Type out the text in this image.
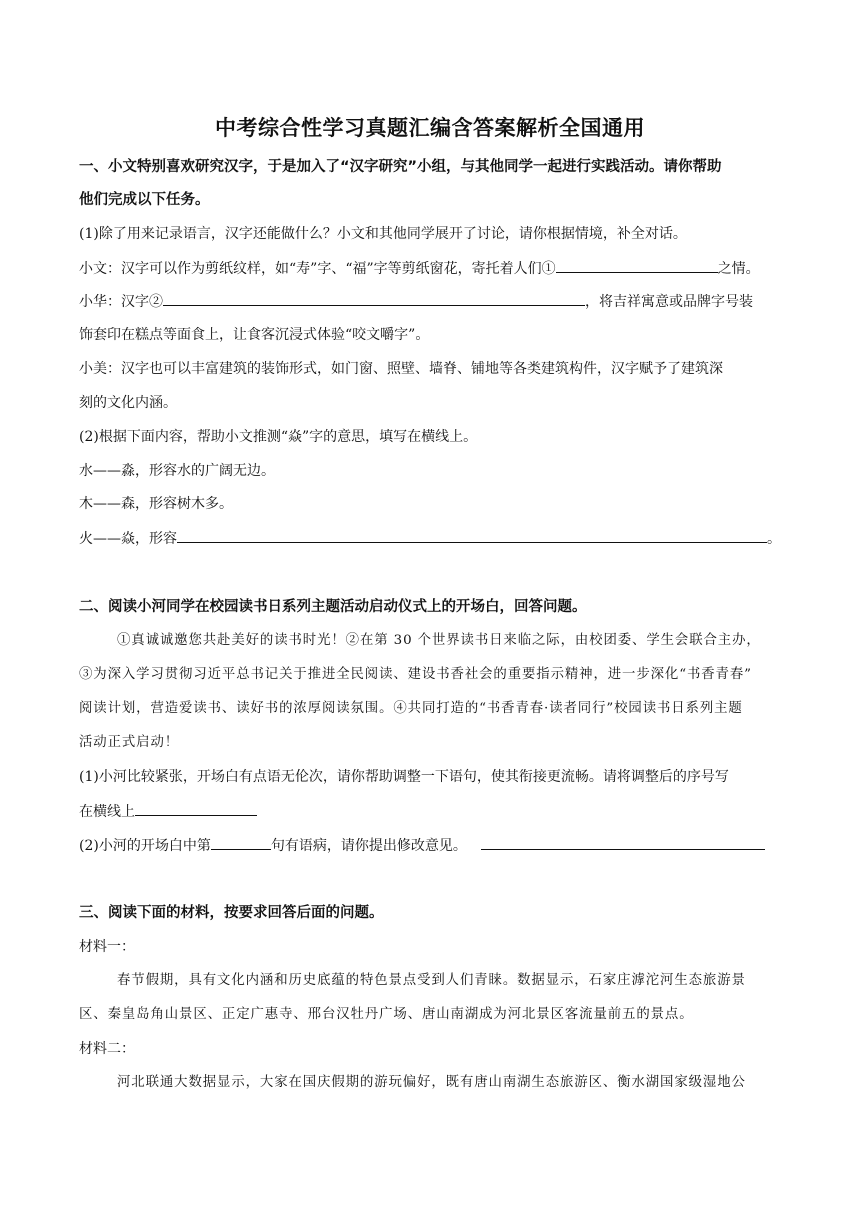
中考综合性学习真题汇编含答案解析全国通用
一、小文特别喜欢研究汉字，于是加入了“汉字研究”小组，与其他同学一起进行实践活动。请你帮助
他们完成以下任务。
(1)除了用来记录语言，汉字还能做什么？小文和其他同学展开了讨论，请你根据情境，补全对话。
小文：汉字可以作为剪纸纹样，如“寿”字、“福”字等剪纸窗花，寄托着人们①	之情。
小华：汉字②	，将吉祥寓意或品牌字号装
饰套印在糕点等面食上，让食客沉浸式体验“咬文嚼字”。
小美：汉字也可以丰富建筑的装饰形式，如门窗、照壁、墙脊、铺地等各类建筑构件，汉字赋予了建筑深
刻的文化内涵。
(2)根据下面内容，帮助小文推测“焱”字的意思，填写在横线上。
水——淼，形容水的广阔无边。
木——森，形容树木多。
火——焱，形容	。
二、阅读小河同学在校园读书日系列主题活动启动仪式上的开场白，回答问题。
①真诚诚邀您共赴美好的读书时光！②在第 30 个世界读书日来临之际，由校团委、学生会联合主办，
③为深入学习贯彻习近平总书记关于推进全民阅读、建设书香社会的重要指示精神，进一步深化“书香青春”
阅读计划，营造爱读书、读好书的浓厚阅读氛围。④共同打造的“书香青春·读者同行”校园读书日系列主题
活动正式启动！
(1)小河比较紧张，开场白有点语无伦次，请你帮助调整一下语句，使其衔接更流畅。请将调整后的序号写
在横线上
(2)小河的开场白中第	句有语病，请你提出修改意见。
三、阅读下面的材料，按要求回答后面的问题。
材料一：
春节假期，具有文化内涵和历史底蕴的特色景点受到人们青睐。数据显示，石家庄滹沱河生态旅游景
区、秦皇岛角山景区、正定广惠寺、邢台汉牡丹广场、唐山南湖成为河北景区客流量前五的景点。
材料二：
河北联通大数据显示，大家在国庆假期的游玩偏好，既有唐山南湖生态旅游区、衡水湖国家级湿地公
